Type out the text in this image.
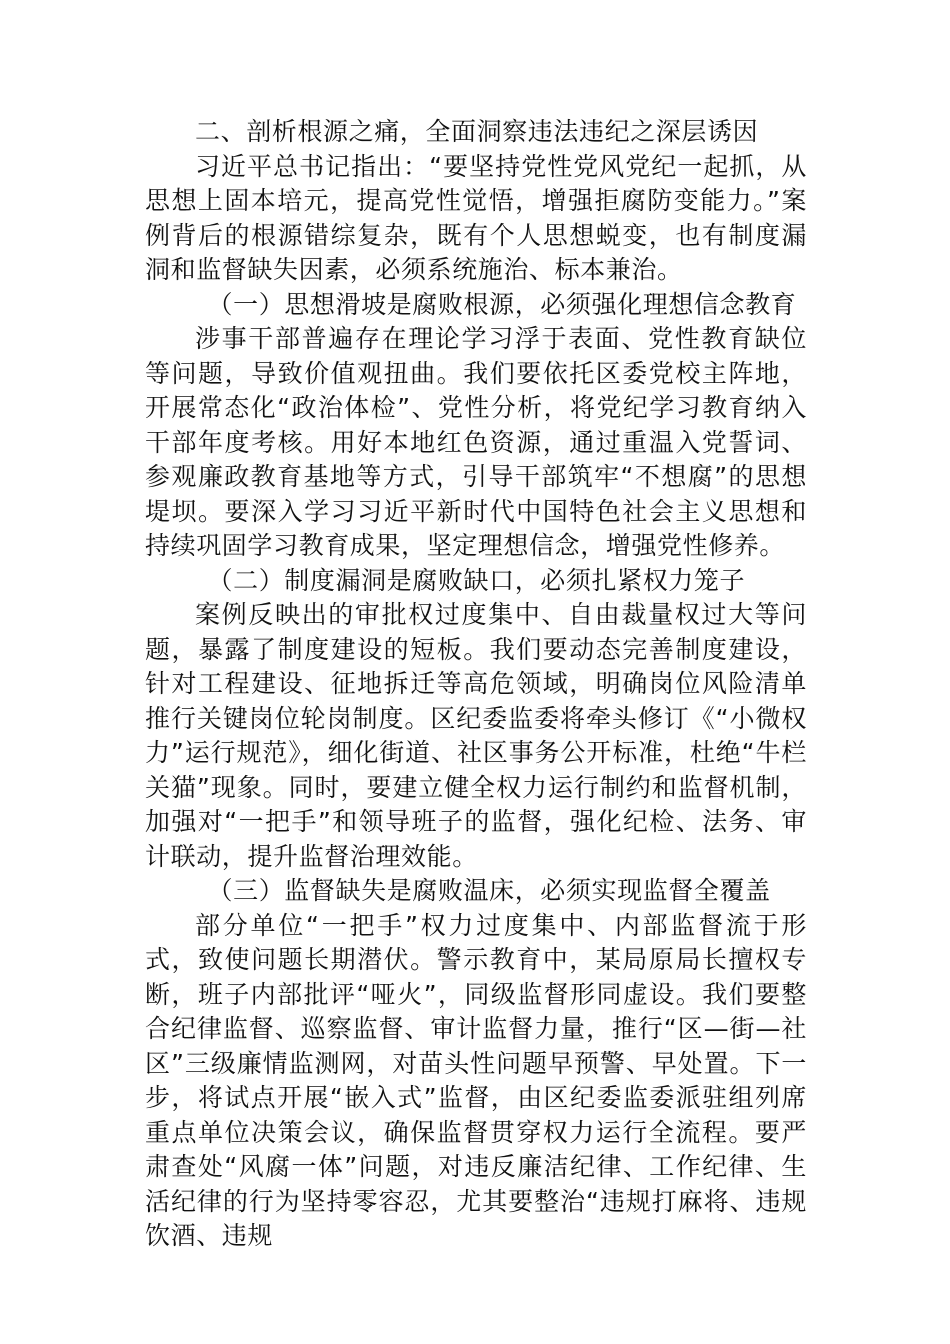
二、剖析根源之痛，全面洞察违法违纪之深层诱因

习近平总书记指出：“要坚持党性党风党纪一起抓，从思想上固本培元，提高党性觉悟，增强拒腐防变能力。”案例背后的根源错综复杂，既有个人思想蜕变，也有制度漏洞和监督缺失因素，必须系统施治、标本兼治。

（一）思想滑坡是腐败根源，必须强化理想信念教育

涉事干部普遍存在理论学习浮于表面、党性教育缺位等问题，导致价值观扭曲。我们要依托区委党校主阵地，开展常态化“政治体检”、党性分析，将党纪学习教育纳入干部年度考核。用好本地红色资源，通过重温入党誓词、参观廉政教育基地等方式，引导干部筑牢“不想腐”的思想堤坝。要深入学习习近平新时代中国特色社会主义思想和持续巩固学习教育成果，坚定理想信念，增强党性修养。

（二）制度漏洞是腐败缺口，必须扎紧权力笼子

案例反映出的审批权过度集中、自由裁量权过大等问题，暴露了制度建设的短板。我们要动态完善制度建设，针对工程建设、征地拆迁等高危领域，明确岗位风险清单推行关键岗位轮岗制度。区纪委监委将牵头修订《“小微权力”运行规范》，细化街道、社区事务公开标准，杜绝“牛栏关猫”现象。同时，要建立健全权力运行制约和监督机制，加强对“一把手”和领导班子的监督，强化纪检、法务、审计联动，提升监督治理效能。

（三）监督缺失是腐败温床，必须实现监督全覆盖

部分单位“一把手”权力过度集中、内部监督流于形式，致使问题长期潜伏。警示教育中，某局原局长擅权专断，班子内部批评“哑火”，同级监督形同虚设。我们要整合纪律监督、巡察监督、审计监督力量，推行“区—街—社区”三级廉情监测网，对苗头性问题早预警、早处置。下一步，将试点开展“嵌入式”监督，由区纪委监委派驻组列席重点单位决策会议，确保监督贯穿权力运行全流程。要严肃查处“风腐一体”问题，对违反廉洁纪律、工作纪律、生活纪律的行为坚持零容忍，尤其要整治“违规打麻将、违规饮酒、违规
